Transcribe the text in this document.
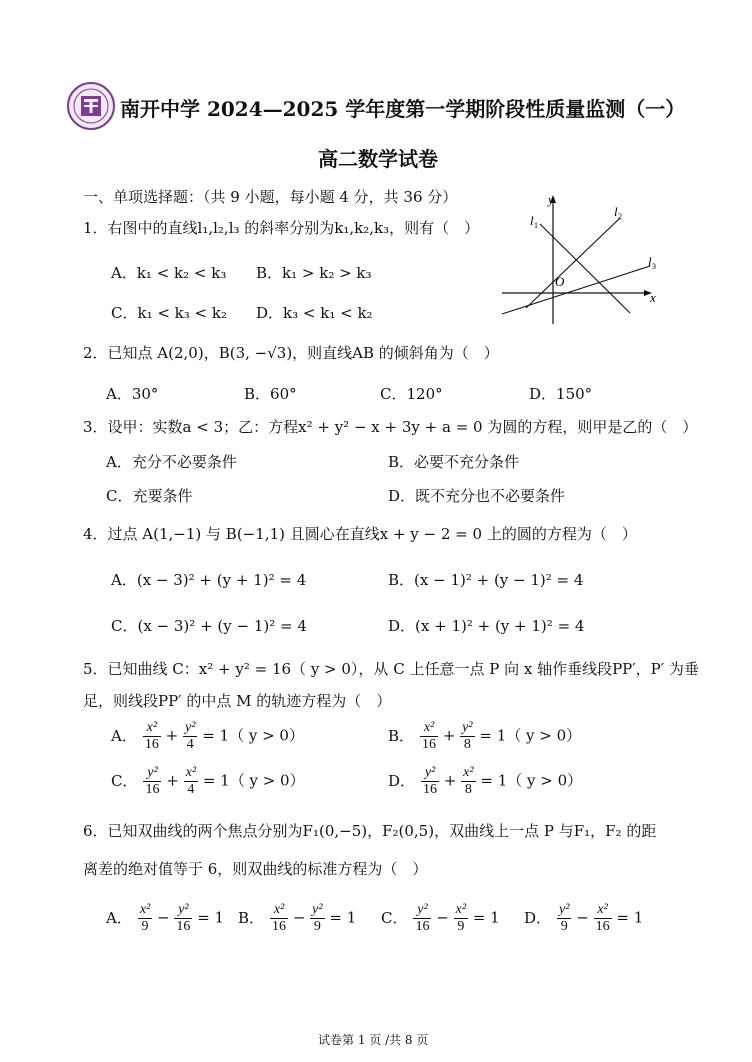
南开中学 2024—2025 学年度第一学期阶段性质量监测（一）
高二数学试卷
一、单项选择题：（共 9 小题，每小题 4 分，共 36 分）
1．右图中的直线l₁,l₂,l₃ 的斜率分别为k₁,k₂,k₃，则有（　）
A．k₁ < k₂ < k₃ B．k₁ > k₂ > k₃
C．k₁ < k₃ < k₂ D．k₃ < k₁ < k₂
y
x
O
l 1
l 2
l 3
2．已知点 A(2,0)，B(3, −√3)，则直线AB 的倾斜角为（　）
A．30°	B．60°	C．120°	D．150°
3．设甲：实数a < 3；乙：方程x² + y² − x + 3y + a = 0 为圆的方程，则甲是乙的（　）
A．充分不必要条件	B．必要不充分条件
C．充要条件	D．既不充分也不必要条件
4．过点 A(1,−1) 与 B(−1,1) 且圆心在直线x + y − 2 = 0 上的圆的方程为（　）
A．(x − 3)² + (y + 1)² = 4	B．(x − 1)² + (y − 1)² = 4
C．(x − 3)² + (y − 1)² = 4	D．(x + 1)² + (y + 1)² = 4
5．已知曲线 C：x² + y² = 16（ y > 0），从 C 上任意一点 P 向 x 轴作垂线段PP′，P′ 为垂
足，则线段PP′ 的中点 M 的轨迹方程为（　）
A． $\frac{\text{x²}}{16} + \frac{\text{y²}}{4} = 1$（ y > 0）	B． $\frac{\text{x²}}{16} + \frac{\text{y²}}{8} = 1$（ y > 0）
C． $\frac{\text{y²}}{16} + \frac{\text{x²}}{4} = 1$（ y > 0）	D． $\frac{\text{y²}}{16} + \frac{\text{x²}}{8} = 1$（ y > 0）
6．已知双曲线的两个焦点分别为F₁(0,−5)，F₂(0,5)，双曲线上一点 P 与F₁，F₂ 的距
离差的绝对值等于 6，则双曲线的标准方程为（　）
A． $\frac{\text{x²}}{9} - \frac{\text{y²}}{16} = 1$ B． $\frac{\text{x²}}{16} - \frac{\text{y²}}{9} = 1$ C． $\frac{\text{y²}}{16} - \frac{\text{x²}}{9} = 1$ D． $\frac{\text{y²}}{9} - \frac{\text{x²}}{16} = 1$
试卷第 1 页 /共 8 页
